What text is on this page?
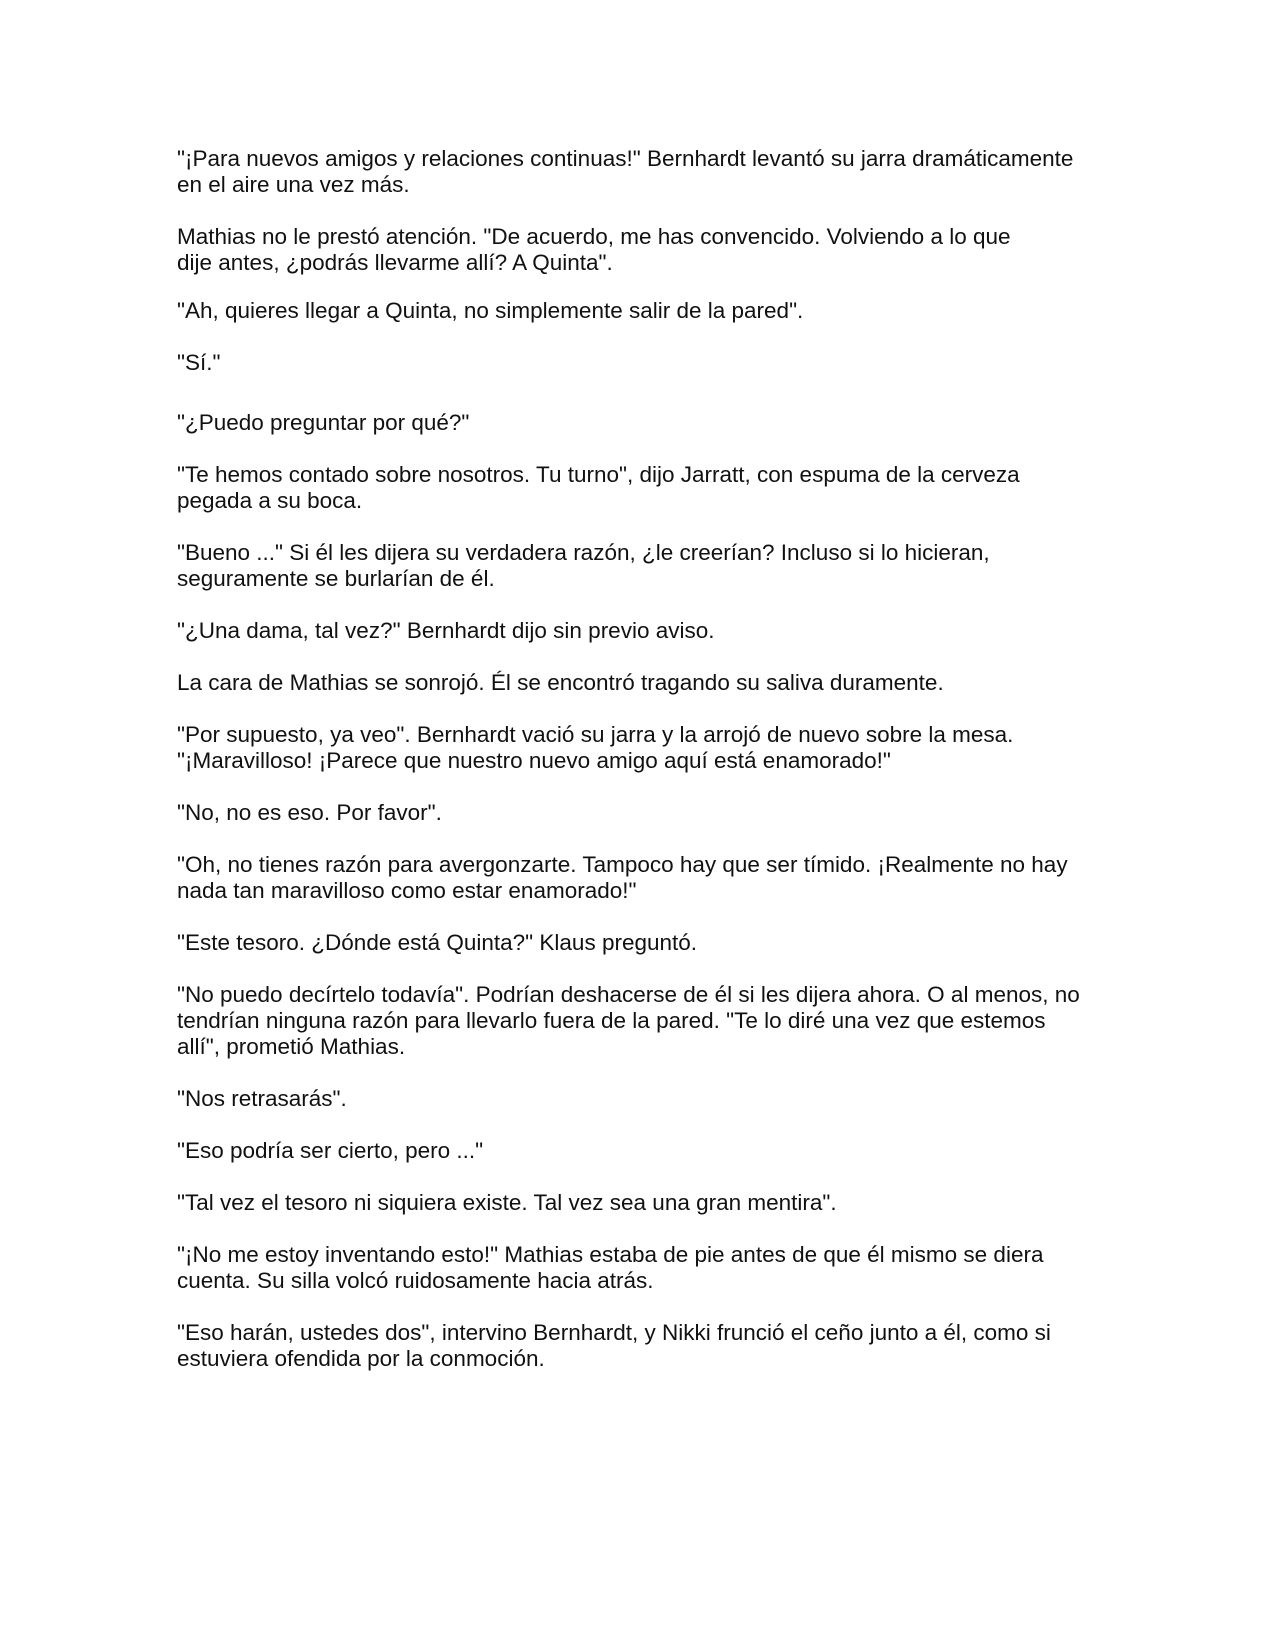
"¡Para nuevos amigos y relaciones continuas!" Bernhardt levantó su jarra dramáticamente
en el aire una vez más.

Mathias no le prestó atención. "De acuerdo, me has convencido. Volviendo a lo que
dije antes, ¿podrás llevarme allí? A Quinta".

"Ah, quieres llegar a Quinta, no simplemente salir de la pared".

"Sí."

"¿Puedo preguntar por qué?"

"Te hemos contado sobre nosotros. Tu turno", dijo Jarratt, con espuma de la cerveza
pegada a su boca.

"Bueno ..." Si él les dijera su verdadera razón, ¿le creerían? Incluso si lo hicieran,
seguramente se burlarían de él.

"¿Una dama, tal vez?" Bernhardt dijo sin previo aviso.

La cara de Mathias se sonrojó. Él se encontró tragando su saliva duramente.

"Por supuesto, ya veo". Bernhardt vació su jarra y la arrojó de nuevo sobre la mesa.
"¡Maravilloso! ¡Parece que nuestro nuevo amigo aquí está enamorado!"

"No, no es eso. Por favor".

"Oh, no tienes razón para avergonzarte. Tampoco hay que ser tímido. ¡Realmente no hay
nada tan maravilloso como estar enamorado!"

"Este tesoro. ¿Dónde está Quinta?" Klaus preguntó.

"No puedo decírtelo todavía". Podrían deshacerse de él si les dijera ahora. O al menos, no
tendrían ninguna razón para llevarlo fuera de la pared. "Te lo diré una vez que estemos
allí", prometió Mathias.

"Nos retrasarás".

"Eso podría ser cierto, pero ..."

"Tal vez el tesoro ni siquiera existe. Tal vez sea una gran mentira".

"¡No me estoy inventando esto!" Mathias estaba de pie antes de que él mismo se diera
cuenta. Su silla volcó ruidosamente hacia atrás.

"Eso harán, ustedes dos", intervino Bernhardt, y Nikki frunció el ceño junto a él, como si
estuviera ofendida por la conmoción.
